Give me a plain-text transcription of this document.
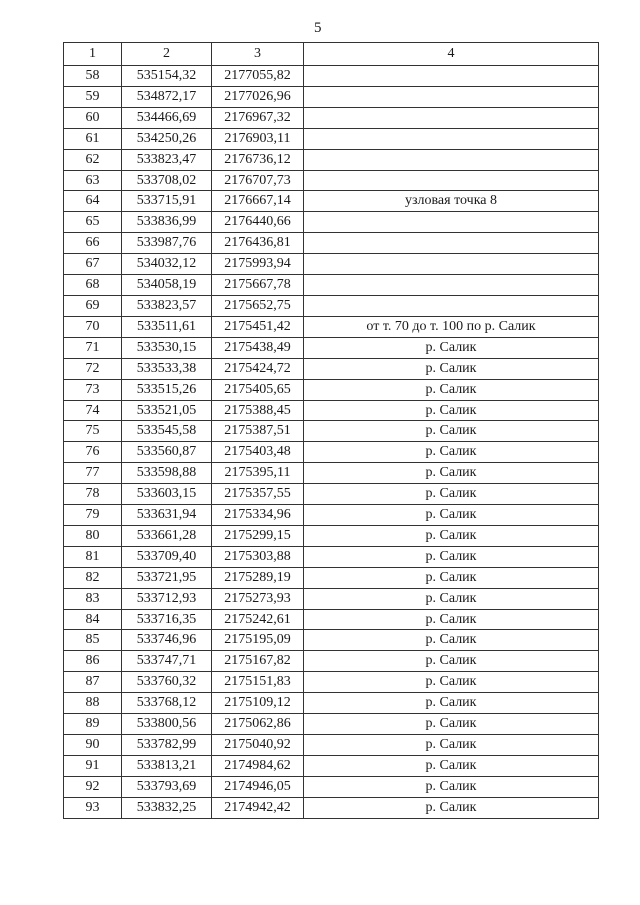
5
1	2	3	4
58	535154,32	2177055,82	
59	534872,17	2177026,96	
60	534466,69	2176967,32	
61	534250,26	2176903,11	
62	533823,47	2176736,12	
63	533708,02	2176707,73	
64	533715,91	2176667,14	узловая точка 8
65	533836,99	2176440,66	
66	533987,76	2176436,81	
67	534032,12	2175993,94	
68	534058,19	2175667,78	
69	533823,57	2175652,75	
70	533511,61	2175451,42	от т. 70 до т. 100 по р. Салик
71	533530,15	2175438,49	р. Салик
72	533533,38	2175424,72	р. Салик
73	533515,26	2175405,65	р. Салик
74	533521,05	2175388,45	р. Салик
75	533545,58	2175387,51	р. Салик
76	533560,87	2175403,48	р. Салик
77	533598,88	2175395,11	р. Салик
78	533603,15	2175357,55	р. Салик
79	533631,94	2175334,96	р. Салик
80	533661,28	2175299,15	р. Салик
81	533709,40	2175303,88	р. Салик
82	533721,95	2175289,19	р. Салик
83	533712,93	2175273,93	р. Салик
84	533716,35	2175242,61	р. Салик
85	533746,96	2175195,09	р. Салик
86	533747,71	2175167,82	р. Салик
87	533760,32	2175151,83	р. Салик
88	533768,12	2175109,12	р. Салик
89	533800,56	2175062,86	р. Салик
90	533782,99	2175040,92	р. Салик
91	533813,21	2174984,62	р. Салик
92	533793,69	2174946,05	р. Салик
93	533832,25	2174942,42	р. Салик
